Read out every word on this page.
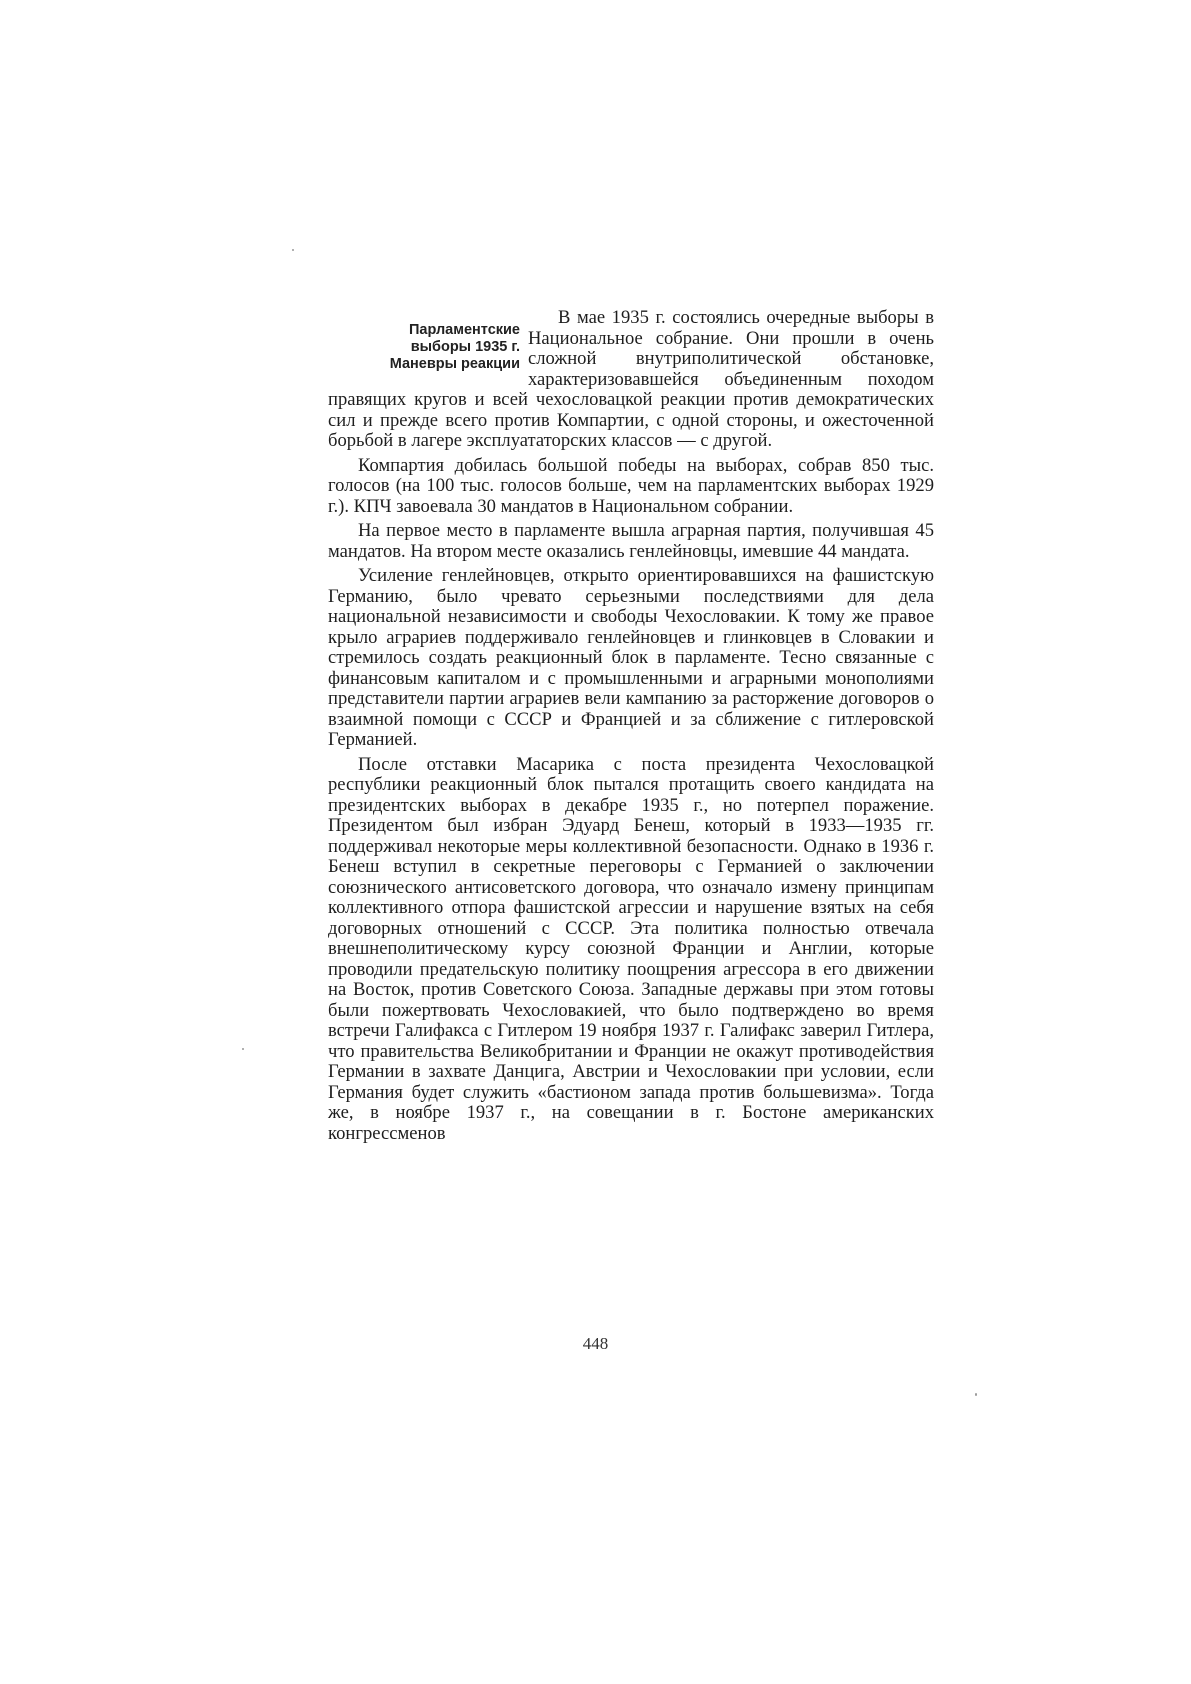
Парламентские
выборы 1935 г.
Маневры реакции

В мае 1935 г. состоялись очередные выборы в Национальное собрание. Они прошли в очень сложной внутриполитической обстановке, характеризовавшейся объединенным походом правящих кругов и всей чехословацкой реакции против демократических сил и прежде всего против Компартии, с одной стороны, и ожесточенной борьбой в лагере эксплуататорских классов — с другой.

Компартия добилась большой победы на выборах, собрав 850 тыс. голосов (на 100 тыс. голосов больше, чем на парламентских выборах 1929 г.). КПЧ завоевала 30 мандатов в Национальном собрании.

На первое место в парламенте вышла аграрная партия, получившая 45 мандатов. На втором месте оказались генлейновцы, имевшие 44 мандата.

Усиление генлейновцев, открыто ориентировавшихся на фашистскую Германию, было чревато серьезными последствиями для дела национальной независимости и свободы Чехословакии. К тому же правое крыло аграриев поддерживало генлейновцев и глинковцев в Словакии и стремилось создать реакционный блок в парламенте. Тесно связанные с финансовым капиталом и с промышленными и аграрными монополиями представители партии аграриев вели кампанию за расторжение договоров о взаимной помощи с СССР и Францией и за сближение с гитлеровской Германией.

После отставки Масарика с поста президента Чехословацкой республики реакционный блок пытался протащить своего кандидата на президентских выборах в декабре 1935 г., но потерпел поражение. Президентом был избран Эдуард Бенеш, который в 1933—1935 гг. поддерживал некоторые меры коллективной безопасности. Однако в 1936 г. Бенеш вступил в секретные переговоры с Германией о заключении союзнического антисоветского договора, что означало измену принципам коллективного отпора фашистской агрессии и нарушение взятых на себя договорных отношений с СССР. Эта политика полностью отвечала внешнеполитическому курсу союзной Франции и Англии, которые проводили предательскую политику поощрения агрессора в его движении на Восток, против Советского Союза. Западные державы при этом готовы были пожертвовать Чехословакией, что было подтверждено во время встречи Галифакса с Гитлером 19 ноября 1937 г. Галифакс заверил Гитлера, что правительства Великобритании и Франции не окажут противодействия Германии в захвате Данцига, Австрии и Чехословакии при условии, если Германия будет служить «бастионом запада против большевизма». Тогда же, в ноябре 1937 г., на совещании в г. Бостоне американских конгрессменов

448
